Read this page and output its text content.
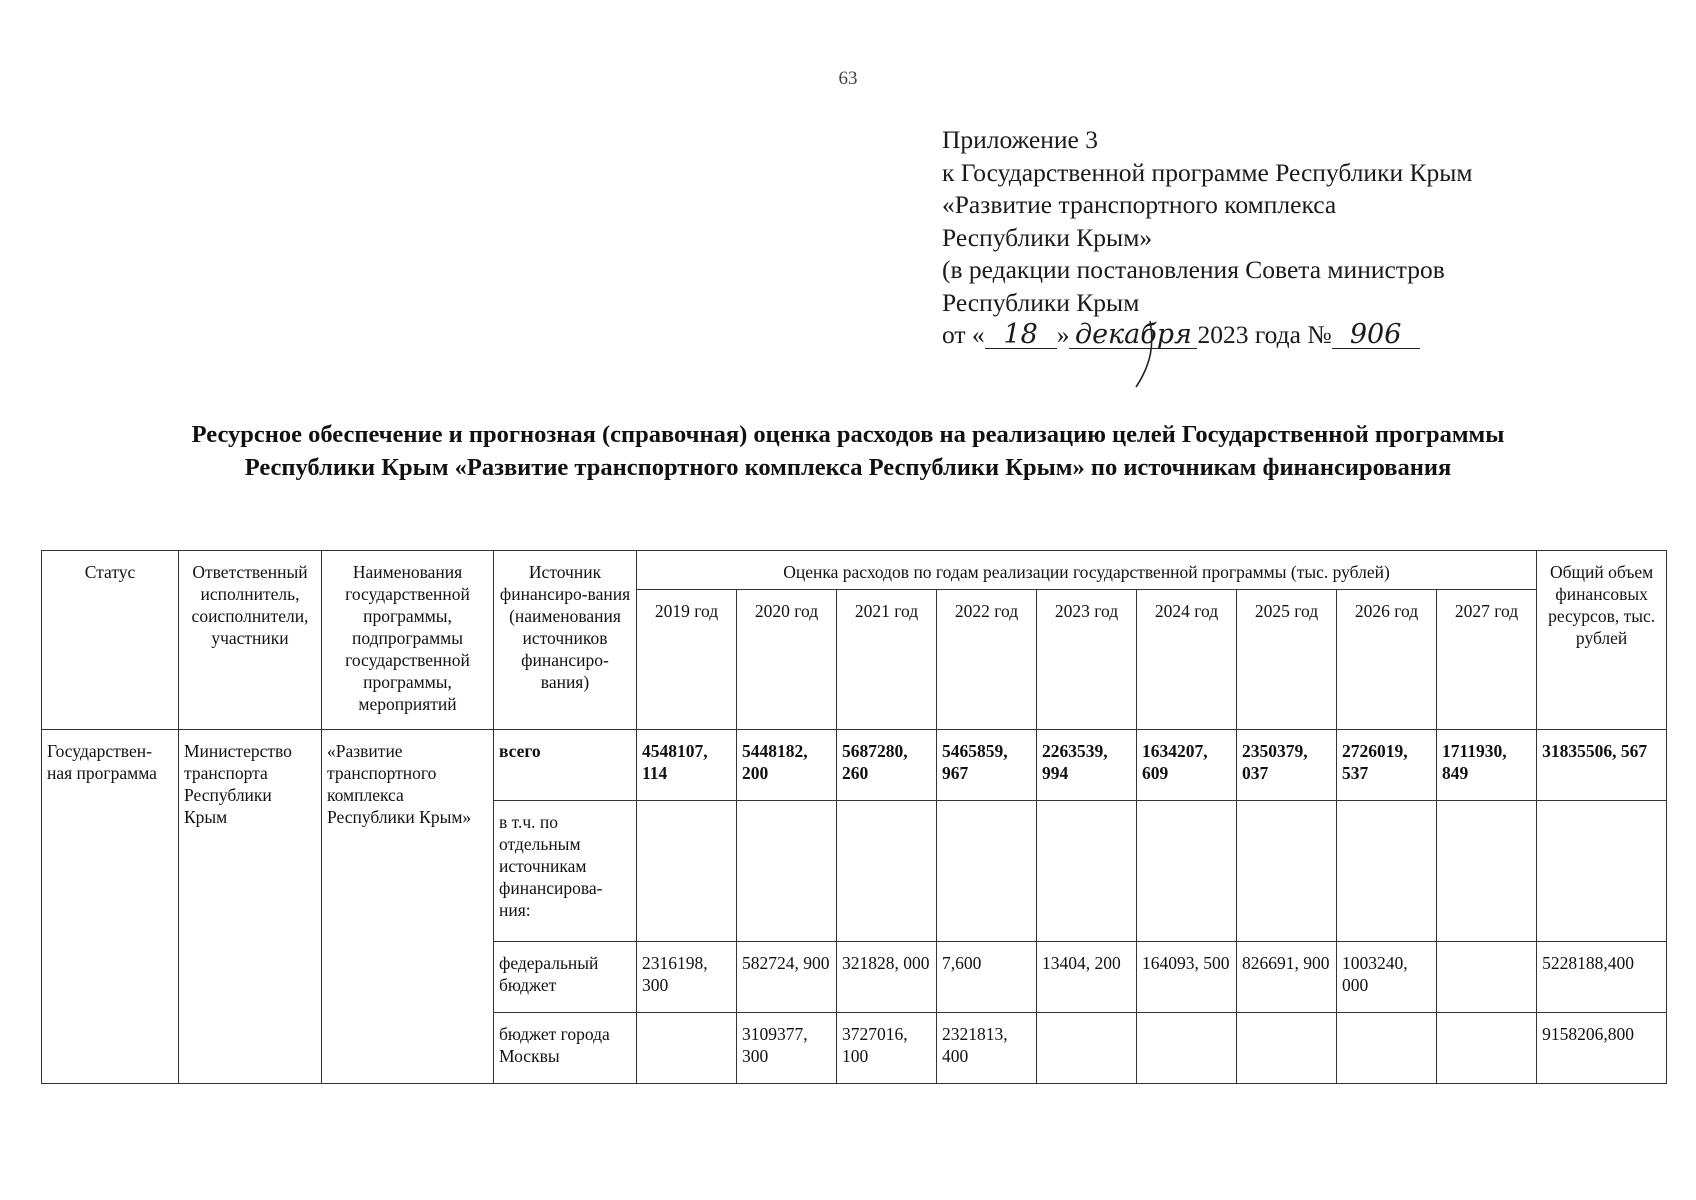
63
Приложение 3
к Государственной программе Республики Крым
«Развитие транспортного комплекса
Республики Крым»
(в редакции постановления Совета министров
Республики Крым
от « 18 » декабря 2023 года № 906
Ресурсное обеспечение и прогнозная (справочная) оценка расходов на реализацию целей Государственной программы
Республики Крым «Развитие транспортного комплекса Республики Крым» по источникам финансирования
Статус	Ответственный исполнитель, соисполнители, участники	Наименования государственной программы, подпрограммы государственной программы, мероприятий	Источник финансиро-вания (наименования источников финансиро-вания)	Оценка расходов по годам реализации государственной программы (тыс. рублей)									Общий объем финансовых ресурсов, тыс. рублей
				2019 год	2020 год	2021 год	2022 год	2023 год	2024 год	2025 год	2026 год	2027 год	
Государствен-ная программа	Министерство транспорта Республики Крым	«Развитие транспортного комплекса Республики Крым»	всего	4548107, 114	5448182, 200	5687280, 260	5465859, 967	2263539, 994	1634207, 609	2350379, 037	2726019, 537	1711930, 849	31835506, 567
			в т.ч. по отдельным источникам финансирова-ния:										
			федеральный бюджет	2316198, 300	582724, 900	321828, 000	7,600	13404, 200	164093, 500	826691, 900	1003240, 000		5228188,400
			бюджет города Москвы		3109377, 300	3727016, 100	2321813, 400						9158206,800
